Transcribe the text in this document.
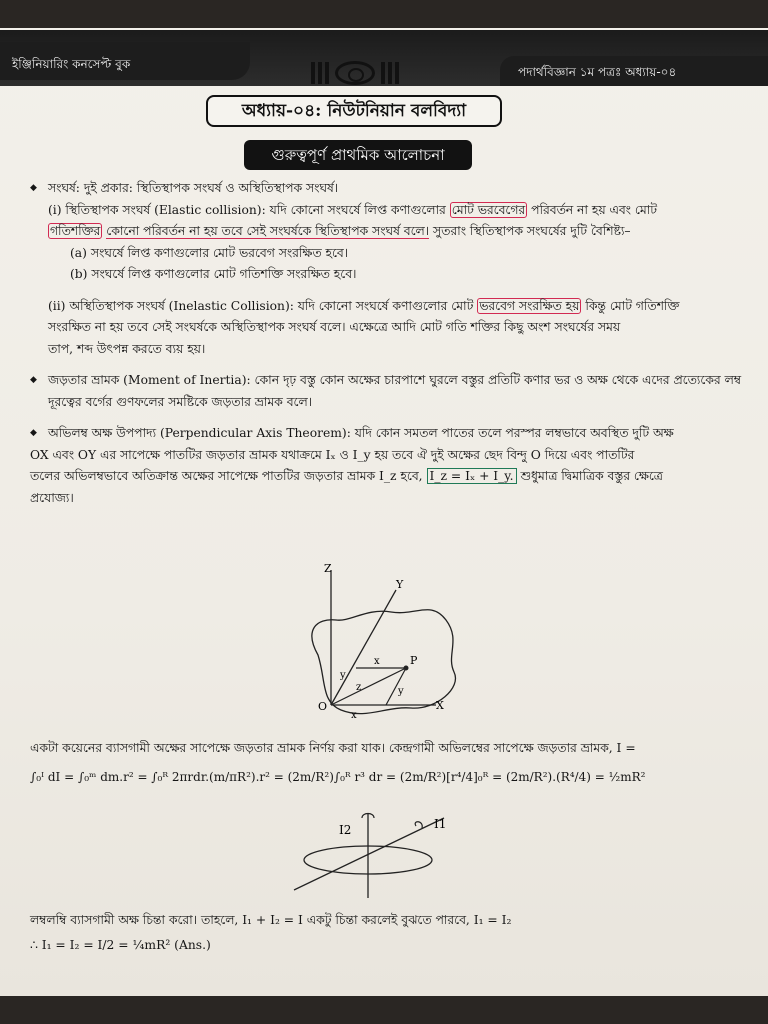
ইঞ্জিনিয়ারিং কনসেপ্ট বুক
পদার্থবিজ্ঞান ১ম পত্রঃ অধ্যায়-০৪
অধ্যায়-০৪: নিউটনিয়ান বলবিদ্যা
গুরুত্বপূর্ণ প্রাথমিক আলোচনা

◆ সংঘর্ষ: দুই প্রকার: স্থিতিস্থাপক সংঘর্ষ ও অস্থিতিস্থাপক সংঘর্ষ।

(i) স্থিতিস্থাপক সংঘর্ষ (Elastic collision): যদি কোনো সংঘর্ষে লিপ্ত কণাগুলোর মোট ভরবেগের পরিবর্তন না হয় এবং মোট

গতিশক্তির কোনো পরিবর্তন না হয় তবে সেই সংঘর্ষকে স্থিতিস্থাপক সংঘর্ষ বলে। সুতরাং স্থিতিস্থাপক সংঘর্ষের দুটি বৈশিষ্ট্য–

(a) সংঘর্ষে লিপ্ত কণাগুলোর মোট ভরবেগ সংরক্ষিত হবে।

(b) সংঘর্ষে লিপ্ত কণাগুলোর মোট গতিশক্তি সংরক্ষিত হবে।

(ii) অস্থিতিস্থাপক সংঘর্ষ (Inelastic Collision): যদি কোনো সংঘর্ষে কণাগুলোর মোট ভরবেগ সংরক্ষিত হয় কিন্তু মোট গতিশক্তি

সংরক্ষিত না হয় তবে সেই সংঘর্ষকে অস্থিতিস্থাপক সংঘর্ষ বলে। এক্ষেত্রে আদি মোট গতি শক্তির কিছু অংশ সংঘর্ষের সময়

তাপ, শব্দ উৎপন্ন করতে ব্যয় হয়।

◆ জড়তার ভ্রামক (Moment of Inertia): কোন দৃঢ় বস্তু কোন অক্ষের চারপাশে ঘুরলে বস্তুর প্রতিটি কণার ভর ও অক্ষ থেকে এদের প্রত্যেকের লম্ব দূরত্বের বর্গের গুণফলের সমষ্টিকে জড়তার ভ্রামক বলে।

◆ অভিলম্ব অক্ষ উপপাদ্য (Perpendicular Axis Theorem): যদি কোন সমতল পাতের তলে পরস্পর লম্বভাবে অবস্থিত দুটি অক্ষ

OX এবং OY এর সাপেক্ষে পাতটির জড়তার ভ্রামক যথাক্রমে Iₓ ও I_y হয় তবে ঐ দুই অক্ষের ছেদ বিন্দু O দিয়ে এবং পাতটির

তলের অভিলম্বভাবে অতিক্রান্ত অক্ষের সাপেক্ষে পাতটির জড়তার ভ্রামক I_z হবে, I_z = Iₓ + I_y. শুধুমাত্র দ্বিমাত্রিক বস্তুর ক্ষেত্রে

প্রযোজ্য।

Z
Y
P
x
y
z	y
x
O	X

একটা কয়েনের ব্যাসগামী অক্ষের সাপেক্ষে জড়তার ভ্রামক নির্ণয় করা যাক। কেন্দ্রগামী অভিলম্বের সাপেক্ষে জড়তার ভ্রামক, I =

∫₀ᴵ dI = ∫₀ᵐ dm.r² = ∫₀ᴿ 2πrdr.(m/πR²).r² = (2m/R²)∫₀ᴿ r³ dr = (2m/R²)[r⁴/4]₀ᴿ = (2m/R²).(R⁴/4) = ½mR²

I2	I1

লম্বলম্বি ব্যাসগামী অক্ষ চিন্তা করো। তাহলে, I₁ + I₂ = I একটু চিন্তা করলেই বুঝতে পারবে, I₁ = I₂

∴ I₁ = I₂ = I/2 = ¼mR² (Ans.)
